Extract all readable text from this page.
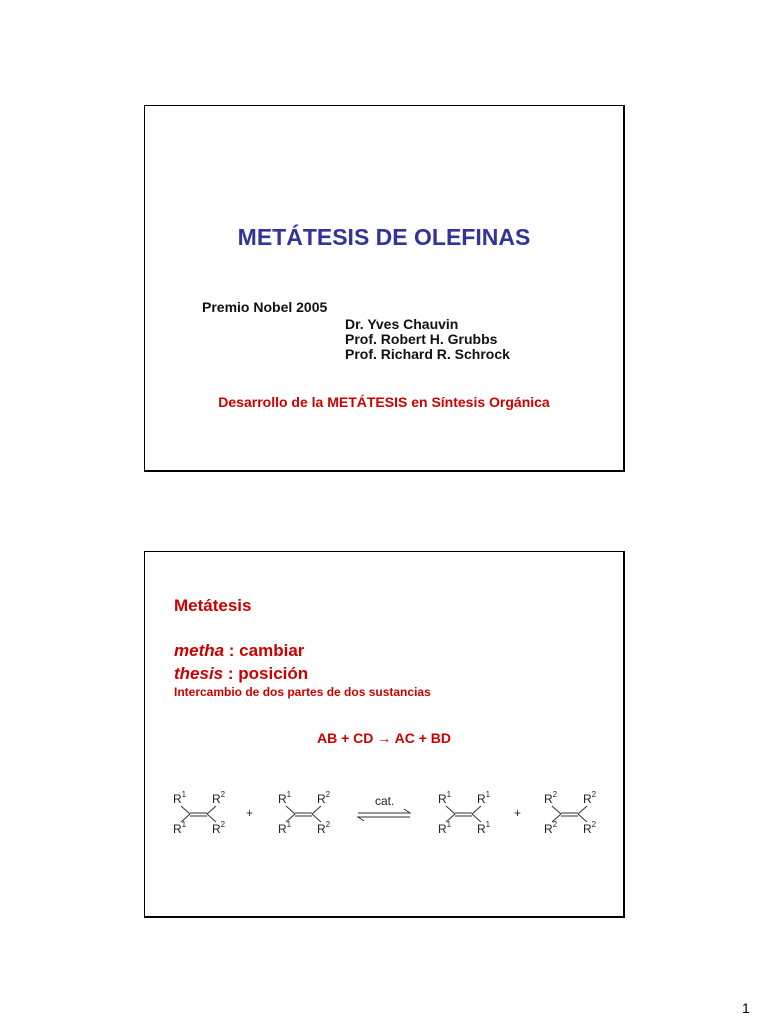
METÁTESIS DE OLEFINAS
Premio Nobel 2005
Dr. Yves Chauvin
Prof. Robert H. Grubbs
Prof. Richard R. Schrock
Desarrollo de la METÁTESIS en Síntesis Orgánica
Metátesis
metha : cambiar
thesis : posición
Intercambio de dos partes de dos sustancias
AB + CD → AC + BD
$R^1$ $R^2$
$R^1$ $R^2$
+
$R^1$ $R^2$
$R^1$ $R^2$
cat.	$R^1$ $R^1$
$R^1$ $R^1$
+
$R^2$ $R^2$
$R^2$ $R^2$
1
